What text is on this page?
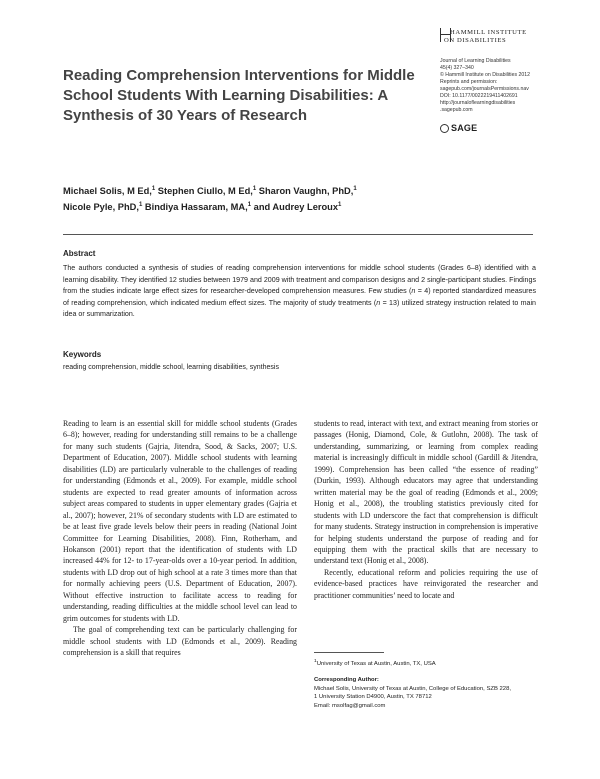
HAMMILL INSTITUTE
ON DISABILITIES
Journal of Learning Disabilities
45(4) 327–340
© Hammill Institute on Disabilities 2012
Reprints and permission:
sagepub.com/journalsPermissions.nav
DOI: 10.1177/0022219411402691
http://journaloflearningdisabilities
.sagepub.com
SAGE
Reading Comprehension Interventions for Middle School Students With Learning Disabilities: A Synthesis of 30 Years of Research
Michael Solis, M Ed,$^1$ Stephen Ciullo, M Ed,$^1$ Sharon Vaughn, PhD,$^1$
Nicole Pyle, PhD,$^1$ Bindiya Hassaram, MA,$^1$ and Audrey Leroux$^1$
Abstract
The authors conducted a synthesis of studies of reading comprehension interventions for middle school students (Grades 6–8) identified with a learning disability. They identified 12 studies between 1979 and 2009 with treatment and comparison designs and 2 single-participant studies. Findings from the studies indicate large effect sizes for researcher-developed comprehension measures. Few studies (n = 4) reported standardized measures of reading comprehension, which indicated medium effect sizes. The majority of study treatments (n = 13) utilized strategy instruction related to main idea or summarization.
Keywords
reading comprehension, middle school, learning disabilities, synthesis

Reading to learn is an essential skill for middle school students (Grades 6–8); however, reading for understanding still remains to be a challenge for many such students (Gajria, Jitendra, Sood, & Sacks, 2007; U.S. Department of Education, 2007). Middle school students with learning disabilities (LD) are particularly vulnerable to the challenges of reading for understanding (Edmonds et al., 2009). For example, middle school students are expected to read greater amounts of information across subject areas compared to students in upper elementary grades (Gajria et al., 2007); however, 21% of secondary students with LD are estimated to be at least five grade levels below their peers in reading (National Joint Committee for Learning Disabilities, 2008). Finn, Rotherham, and Hokanson (2001) report that the identification of students with LD increased 44% for 12- to 17-year-olds over a 10-year period. In addition, students with LD drop out of high school at a rate 3 times more than that for normally achieving peers (U.S. Department of Education, 2007). Without effective instruction to facilitate access to reading for understanding, reading difficulties at the middle school level can lead to grim outcomes for students with LD.

The goal of comprehending text can be particularly challenging for middle school students with LD (Edmonds et al., 2009). Reading comprehension is a skill that requires

students to read, interact with text, and extract meaning from stories or passages (Honig, Diamond, Cole, & Gutlohn, 2008). The task of understanding, summarizing, or learning from complex reading material is increasingly difficult in middle school (Gardill & Jitendra, 1999). Comprehension has been called “the essence of reading” (Durkin, 1993). Although educators may agree that understanding written material may be the goal of reading (Edmonds et al., 2009; Honig et al., 2008), the troubling statistics previously cited for students with LD underscore the fact that comprehension is difficult for many students. Strategy instruction in comprehension is imperative for helping students understand the purpose of reading and for equipping them with the practical skills that are necessary to understand text (Honig et al., 2008).

Recently, educational reform and policies requiring the use of evidence-based practices have reinvigorated the researcher and practitioner communities’ need to locate and

$^1$University of Texas at Austin, Austin, TX, USA
Corresponding Author:
Michael Solis, University of Texas at Austin, College of Education, SZB 228,
1 University Station D4900, Austin, TX 78712
Email: msolfag@gmail.com
